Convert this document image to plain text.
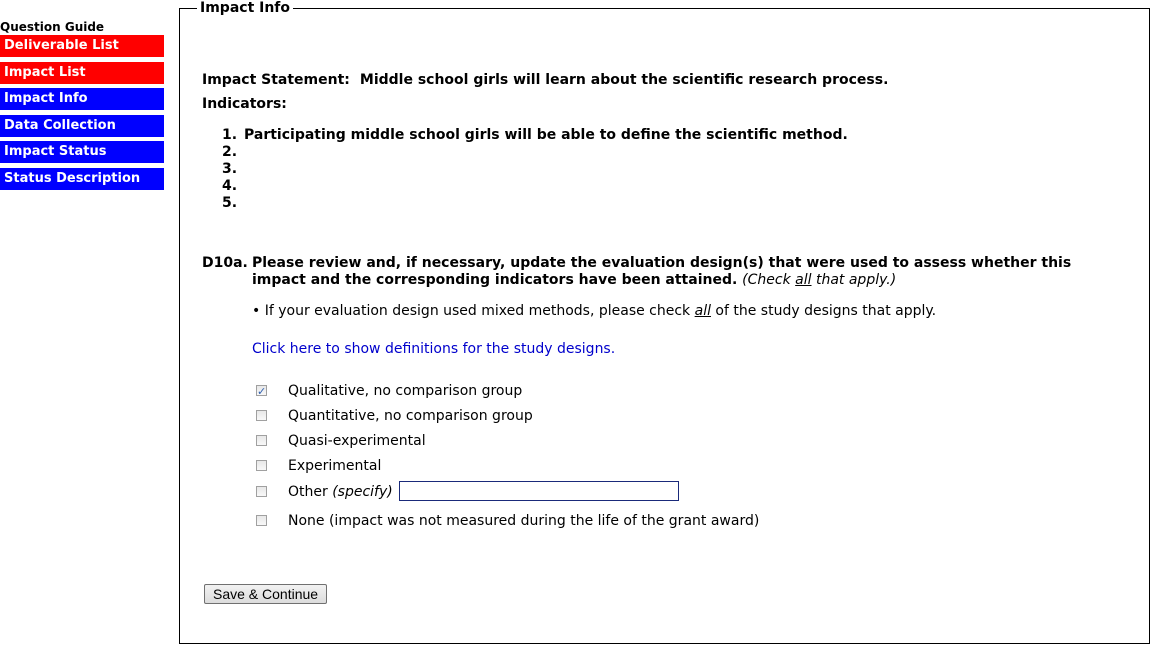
Question Guide
Deliverable List
Impact List
Impact Info
Data Collection
Impact Status
Status Description
Impact Info
Impact Statement: Middle school girls will learn about the scientific research process.
Indicators:
1. Participating middle school girls will be able to define the scientific method.
2.
3.
4.
5.
D10a. Please review and, if necessary, update the evaluation design(s) that were used to assess whether this impact and the corresponding indicators have been attained. (Check all that apply.)
• If your evaluation design used mixed methods, please check all of the study designs that apply.
Click here to show definitions for the study designs.
✓
Qualitative, no comparison group
Quantitative, no comparison group
Quasi-experimental
Experimental
Other (specify)
None (impact was not measured during the life of the grant award)
Save & Continue
